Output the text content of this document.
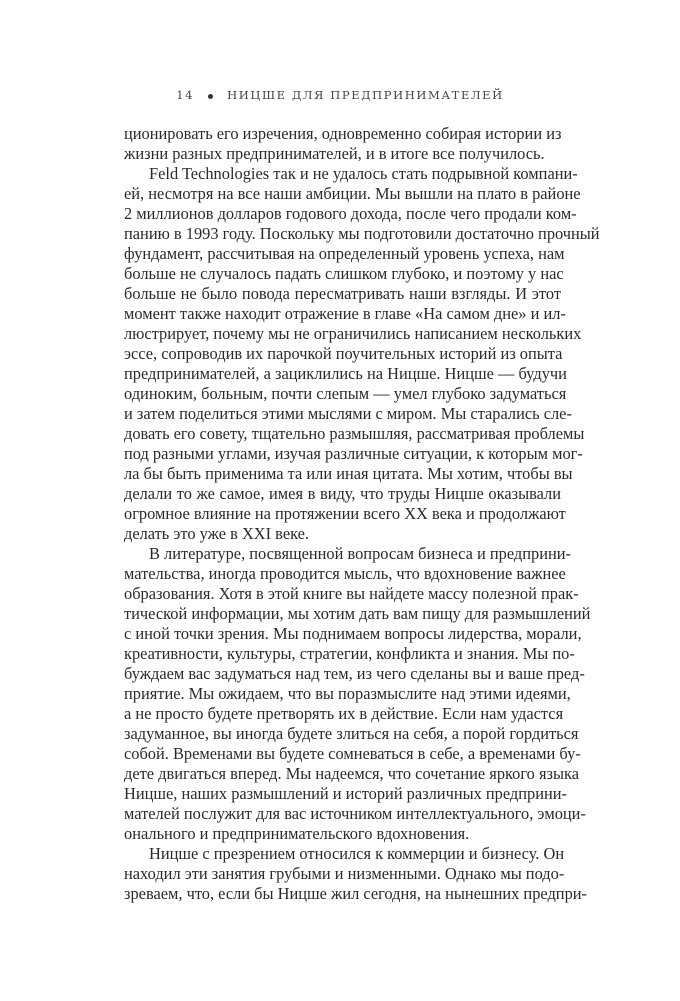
14	НИЦШЕ ДЛЯ ПРЕДПРИНИМАТЕЛЕЙ
ционировать его изречения, одновременно собирая истории из
жизни разных предпринимателей, и в итоге все получилось.
Feld Technologies так и не удалось стать подрывной компани-
ей, несмотря на все наши амбиции. Мы вышли на плато в районе
2 миллионов долларов годового дохода, после чего продали ком-
панию в 1993 году. Поскольку мы подготовили достаточно прочный
фундамент, рассчитывая на определенный уровень успеха, нам
больше не случалось падать слишком глубоко, и поэтому у нас
больше не было повода пересматривать наши взгляды. И этот
момент также находит отражение в главе «На самом дне» и ил-
люстрирует, почему мы не ограничились написанием нескольких
эссе, сопроводив их парочкой поучительных историй из опыта
предпринимателей, а зациклились на Ницше. Ницше — будучи
одиноким, больным, почти слепым — умел глубоко задуматься
и затем поделиться этими мыслями с миром. Мы старались сле-
довать его совету, тщательно размышляя, рассматривая проблемы
под разными углами, изучая различные ситуации, к которым мог-
ла бы быть применима та или иная цитата. Мы хотим, чтобы вы
делали то же самое, имея в виду, что труды Ницше оказывали
огромное влияние на протяжении всего XX века и продолжают
делать это уже в XXI веке.
В литературе, посвященной вопросам бизнеса и предприни-
мательства, иногда проводится мысль, что вдохновение важнее
образования. Хотя в этой книге вы найдете массу полезной прак-
тической информации, мы хотим дать вам пищу для размышлений
с иной точки зрения. Мы поднимаем вопросы лидерства, морали,
креативности, культуры, стратегии, конфликта и знания. Мы по-
буждаем вас задуматься над тем, из чего сделаны вы и ваше пред-
приятие. Мы ожидаем, что вы поразмыслите над этими идеями,
а не просто будете претворять их в действие. Если нам удастся
задуманное, вы иногда будете злиться на себя, а порой гордиться
собой. Временами вы будете сомневаться в себе, а временами бу-
дете двигаться вперед. Мы надеемся, что сочетание яркого языка
Ницше, наших размышлений и историй различных предприни-
мателей послужит для вас источником интеллектуального, эмоци-
онального и предпринимательского вдохновения.
Ницше с презрением относился к коммерции и бизнесу. Он
находил эти занятия грубыми и низменными. Однако мы подо-
зреваем, что, если бы Ницше жил сегодня, на нынешних предпри-
